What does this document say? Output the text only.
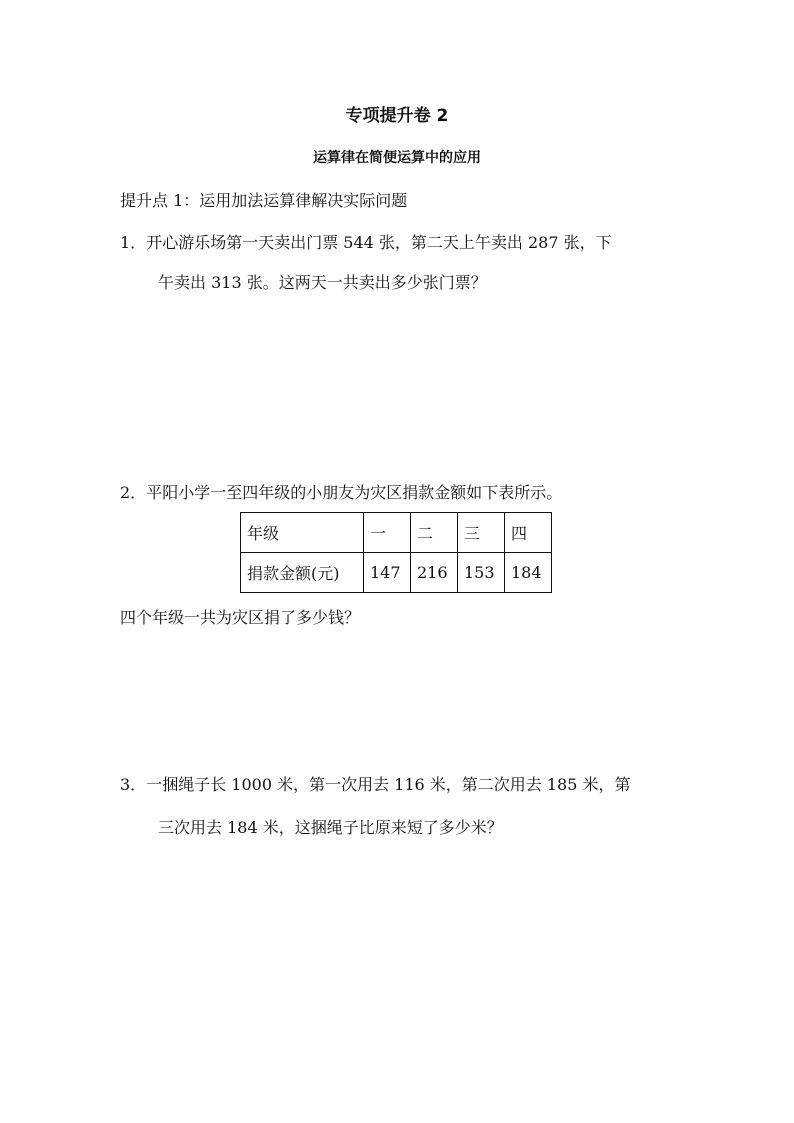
专项提升卷 2
运算律在简便运算中的应用
提升点 1：运用加法运算律解决实际问题
1．开心游乐场第一天卖出门票 544 张，第二天上午卖出 287 张，下
午卖出 313 张。这两天一共卖出多少张门票？
2．平阳小学一至四年级的小朋友为灾区捐款金额如下表所示。
年级	一	二	三	四
捐款金额(元)	147	216	153	184
四个年级一共为灾区捐了多少钱？
3．一捆绳子长 1000 米，第一次用去 116 米，第二次用去 185 米，第
三次用去 184 米，这捆绳子比原来短了多少米？
